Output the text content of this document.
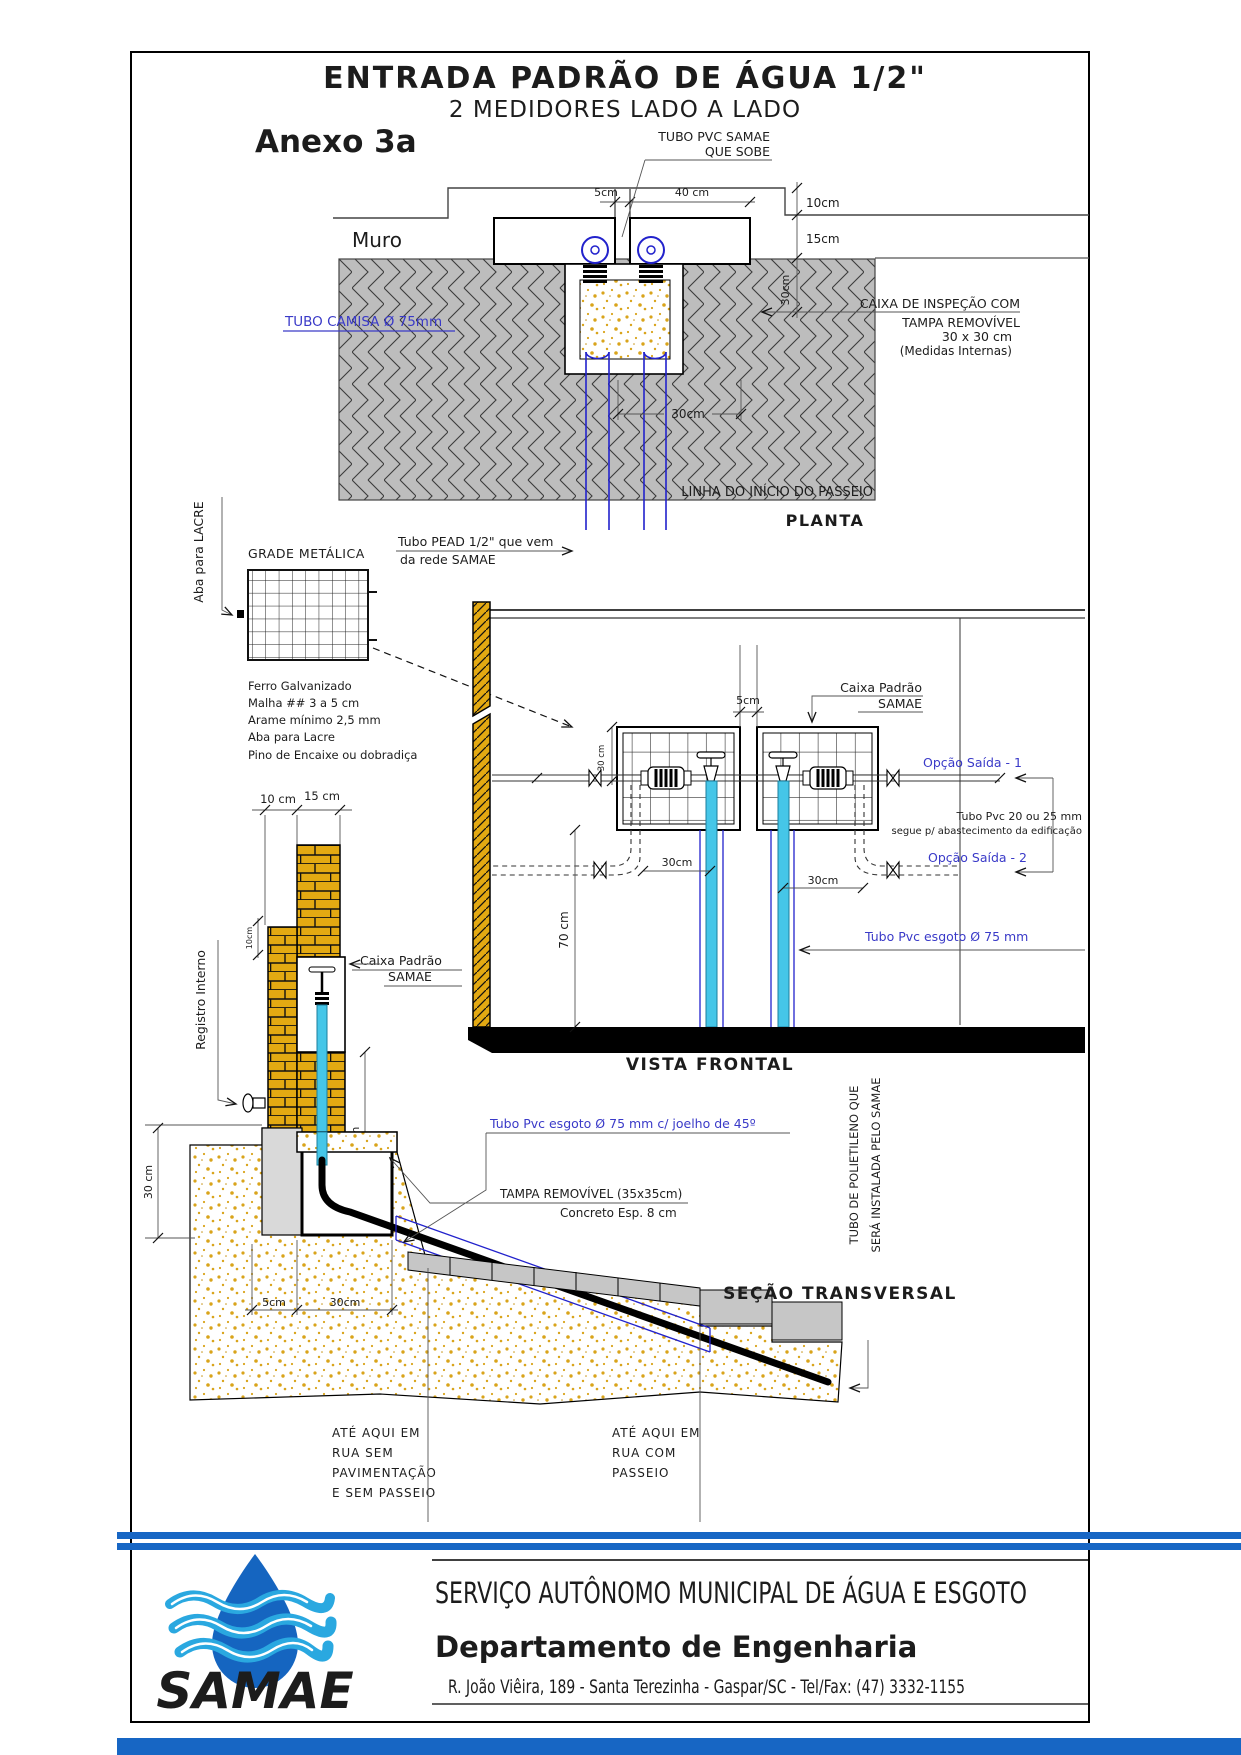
ENTRADA PADRÃO DE ÁGUA 1/2"
2 MEDIDORES LADO A LADO
Anexo 3a
5cm	40 cm
10cm
15cm
30cm
30cm
Muro
TUBO PVC SAMAE
QUE SOBE
TUBO CAMISA Ø 75mm
CAIXA DE INSPEÇÃO COM
TAMPA REMOVÍVEL
30 x 30 cm
(Medidas Internas)
LINHA DO INÍCIO DO PASSEIO
PLANTA
Tubo PEAD 1/2" que vem
da rede SAMAE
Aba para LACRE	GRADE METÁLICA
Ferro Galvanizado
Malha ## 3 a 5 cm
Arame mínimo 2,5 mm
Aba para Lacre
Pino de Encaixe ou dobradiça
5cm
30 cm
30cm
30cm
70 cm
Caixa Padrão
SAMAE
Opção Saída - 1
Tubo Pvc 20 ou 25 mm
segue p/ abastecimento da edificação
Opção Saída - 2
Tubo Pvc esgoto Ø 75 mm
VISTA FRONTAL
10 cm 15 cm
10cm
Caixa Padrão
SAMAE
Registro Interno
30 cm
5cm	30cm
Tubo Pvc esgoto Ø 75 mm c/ joelho de 45º
TAMPA REMOVÍVEL (35x35cm)
Concreto Esp. 8 cm
ATÉ AQUI EM
RUA SEM
PAVIMENTAÇÃO
E SEM PASSEIO
ATÉ AQUI EM
RUA COM
PASSEIO
SEÇÃO TRANSVERSAL
TUBO DE POLIETILENO QUE SERÁ INSTALADA PELO SAMAE
SAMAE
SERVIÇO AUTÔNOMO MUNICIPAL DE ÁGUA E ESGOTO
Departamento de Engenharia
R. João Viêira, 189 - Santa Terezinha - Gaspar/SC - Tel/Fax: (47) 3332-1155
